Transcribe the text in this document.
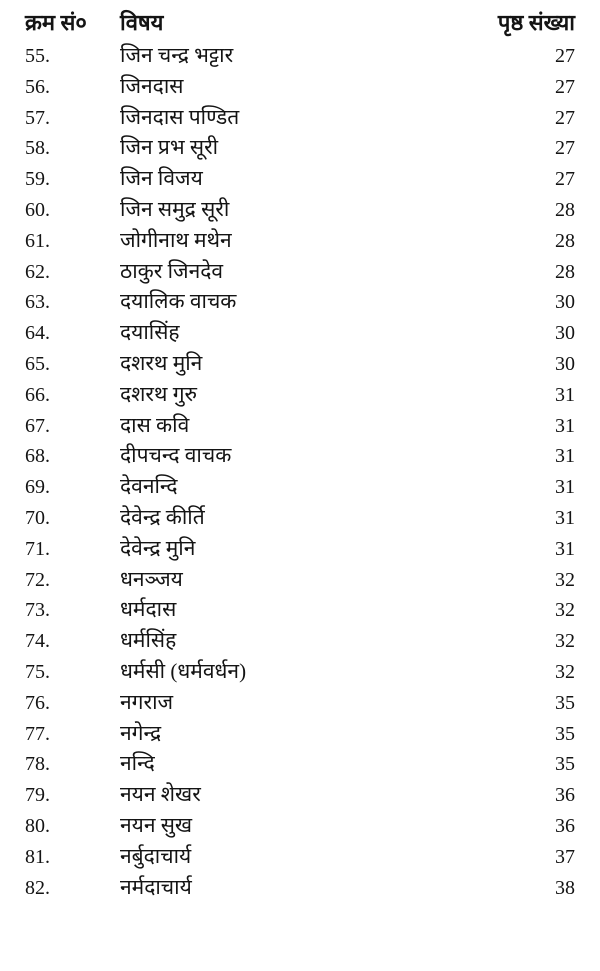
क्रम सं०	विषय	पृष्ठ संख्या
55.	जिन चन्द्र भट्टार	27
56.	जिनदास	27
57.	जिनदास पण्डित	27
58.	जिन प्रभ सूरी	27
59.	जिन विजय	27
60.	जिन समुद्र सूरी	28
61.	जोगीनाथ मथेन	28
62.	ठाकुर जिनदेव	28
63.	दयालिक वाचक	30
64.	दयासिंह	30
65.	दशरथ मुनि	30
66.	दशरथ गुरु	31
67.	दास कवि	31
68.	दीपचन्द वाचक	31
69.	देवनन्दि	31
70.	देवेन्द्र कीर्ति	31
71.	देवेन्द्र मुनि	31
72.	धनञ्जय	32
73.	धर्मदास	32
74.	धर्मसिंह	32
75.	धर्मसी (धर्मवर्धन)	32
76.	नगराज	35
77.	नगेन्द्र	35
78.	नन्दि	35
79.	नयन शेखर	36
80.	नयन सुख	36
81.	नर्बुदाचार्य	37
82.	नर्मदाचार्य	38
